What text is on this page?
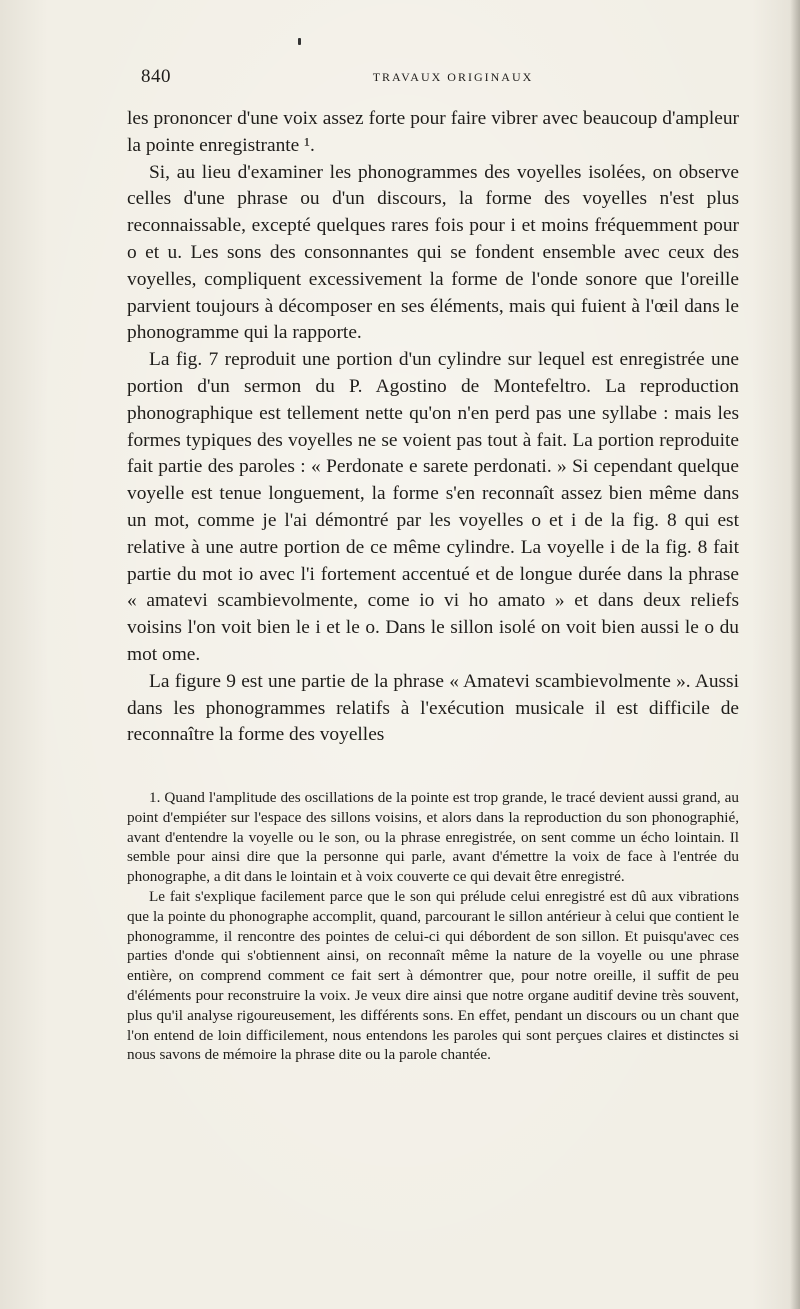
840	TRAVAUX ORIGINAUX

les prononcer d'une voix assez forte pour faire vibrer avec beaucoup d'ampleur la pointe enregistrante ¹.

Si, au lieu d'examiner les phonogrammes des voyelles isolées, on observe celles d'une phrase ou d'un discours, la forme des voyelles n'est plus reconnaissable, excepté quelques rares fois pour i et moins fréquemment pour o et u. Les sons des consonnantes qui se fondent ensemble avec ceux des voyelles, compliquent excessivement la forme de l'onde sonore que l'oreille parvient toujours à décomposer en ses éléments, mais qui fuient à l'œil dans le phonogramme qui la rapporte.

La fig. 7 reproduit une portion d'un cylindre sur lequel est enregistrée une portion d'un sermon du P. Agostino de Montefeltro. La reproduction phonographique est tellement nette qu'on n'en perd pas une syllabe : mais les formes typiques des voyelles ne se voient pas tout à fait. La portion reproduite fait partie des paroles : « Perdonate e sarete perdonati. » Si cependant quelque voyelle est tenue longuement, la forme s'en reconnaît assez bien même dans un mot, comme je l'ai démontré par les voyelles o et i de la fig. 8 qui est relative à une autre portion de ce même cylindre. La voyelle i de la fig. 8 fait partie du mot io avec l'i fortement accentué et de longue durée dans la phrase « amatevi scambievolmente, come io vi ho amato » et dans deux reliefs voisins l'on voit bien le i et le o. Dans le sillon isolé on voit bien aussi le o du mot ome.

La figure 9 est une partie de la phrase « Amatevi scambievolmente ». Aussi dans les phonogrammes relatifs à l'exécution musicale il est difficile de reconnaître la forme des voyelles

1. Quand l'amplitude des oscillations de la pointe est trop grande, le tracé devient aussi grand, au point d'empiéter sur l'espace des sillons voisins, et alors dans la reproduction du son phonographié, avant d'entendre la voyelle ou le son, ou la phrase enregistrée, on sent comme un écho lointain. Il semble pour ainsi dire que la personne qui parle, avant d'émettre la voix de face à l'entrée du phonographe, a dit dans le lointain et à voix couverte ce qui devait être enregistré.

Le fait s'explique facilement parce que le son qui prélude celui enregistré est dû aux vibrations que la pointe du phonographe accomplit, quand, parcourant le sillon antérieur à celui que contient le phonogramme, il rencontre des pointes de celui-ci qui débordent de son sillon. Et puisqu'avec ces parties d'onde qui s'obtiennent ainsi, on reconnaît même la nature de la voyelle ou une phrase entière, on comprend comment ce fait sert à démontrer que, pour notre oreille, il suffit de peu d'éléments pour reconstruire la voix. Je veux dire ainsi que notre organe auditif devine très souvent, plus qu'il analyse rigoureusement, les différents sons. En effet, pendant un discours ou un chant que l'on entend de loin difficilement, nous entendons les paroles qui sont perçues claires et distinctes si nous savons de mémoire la phrase dite ou la parole chantée.
